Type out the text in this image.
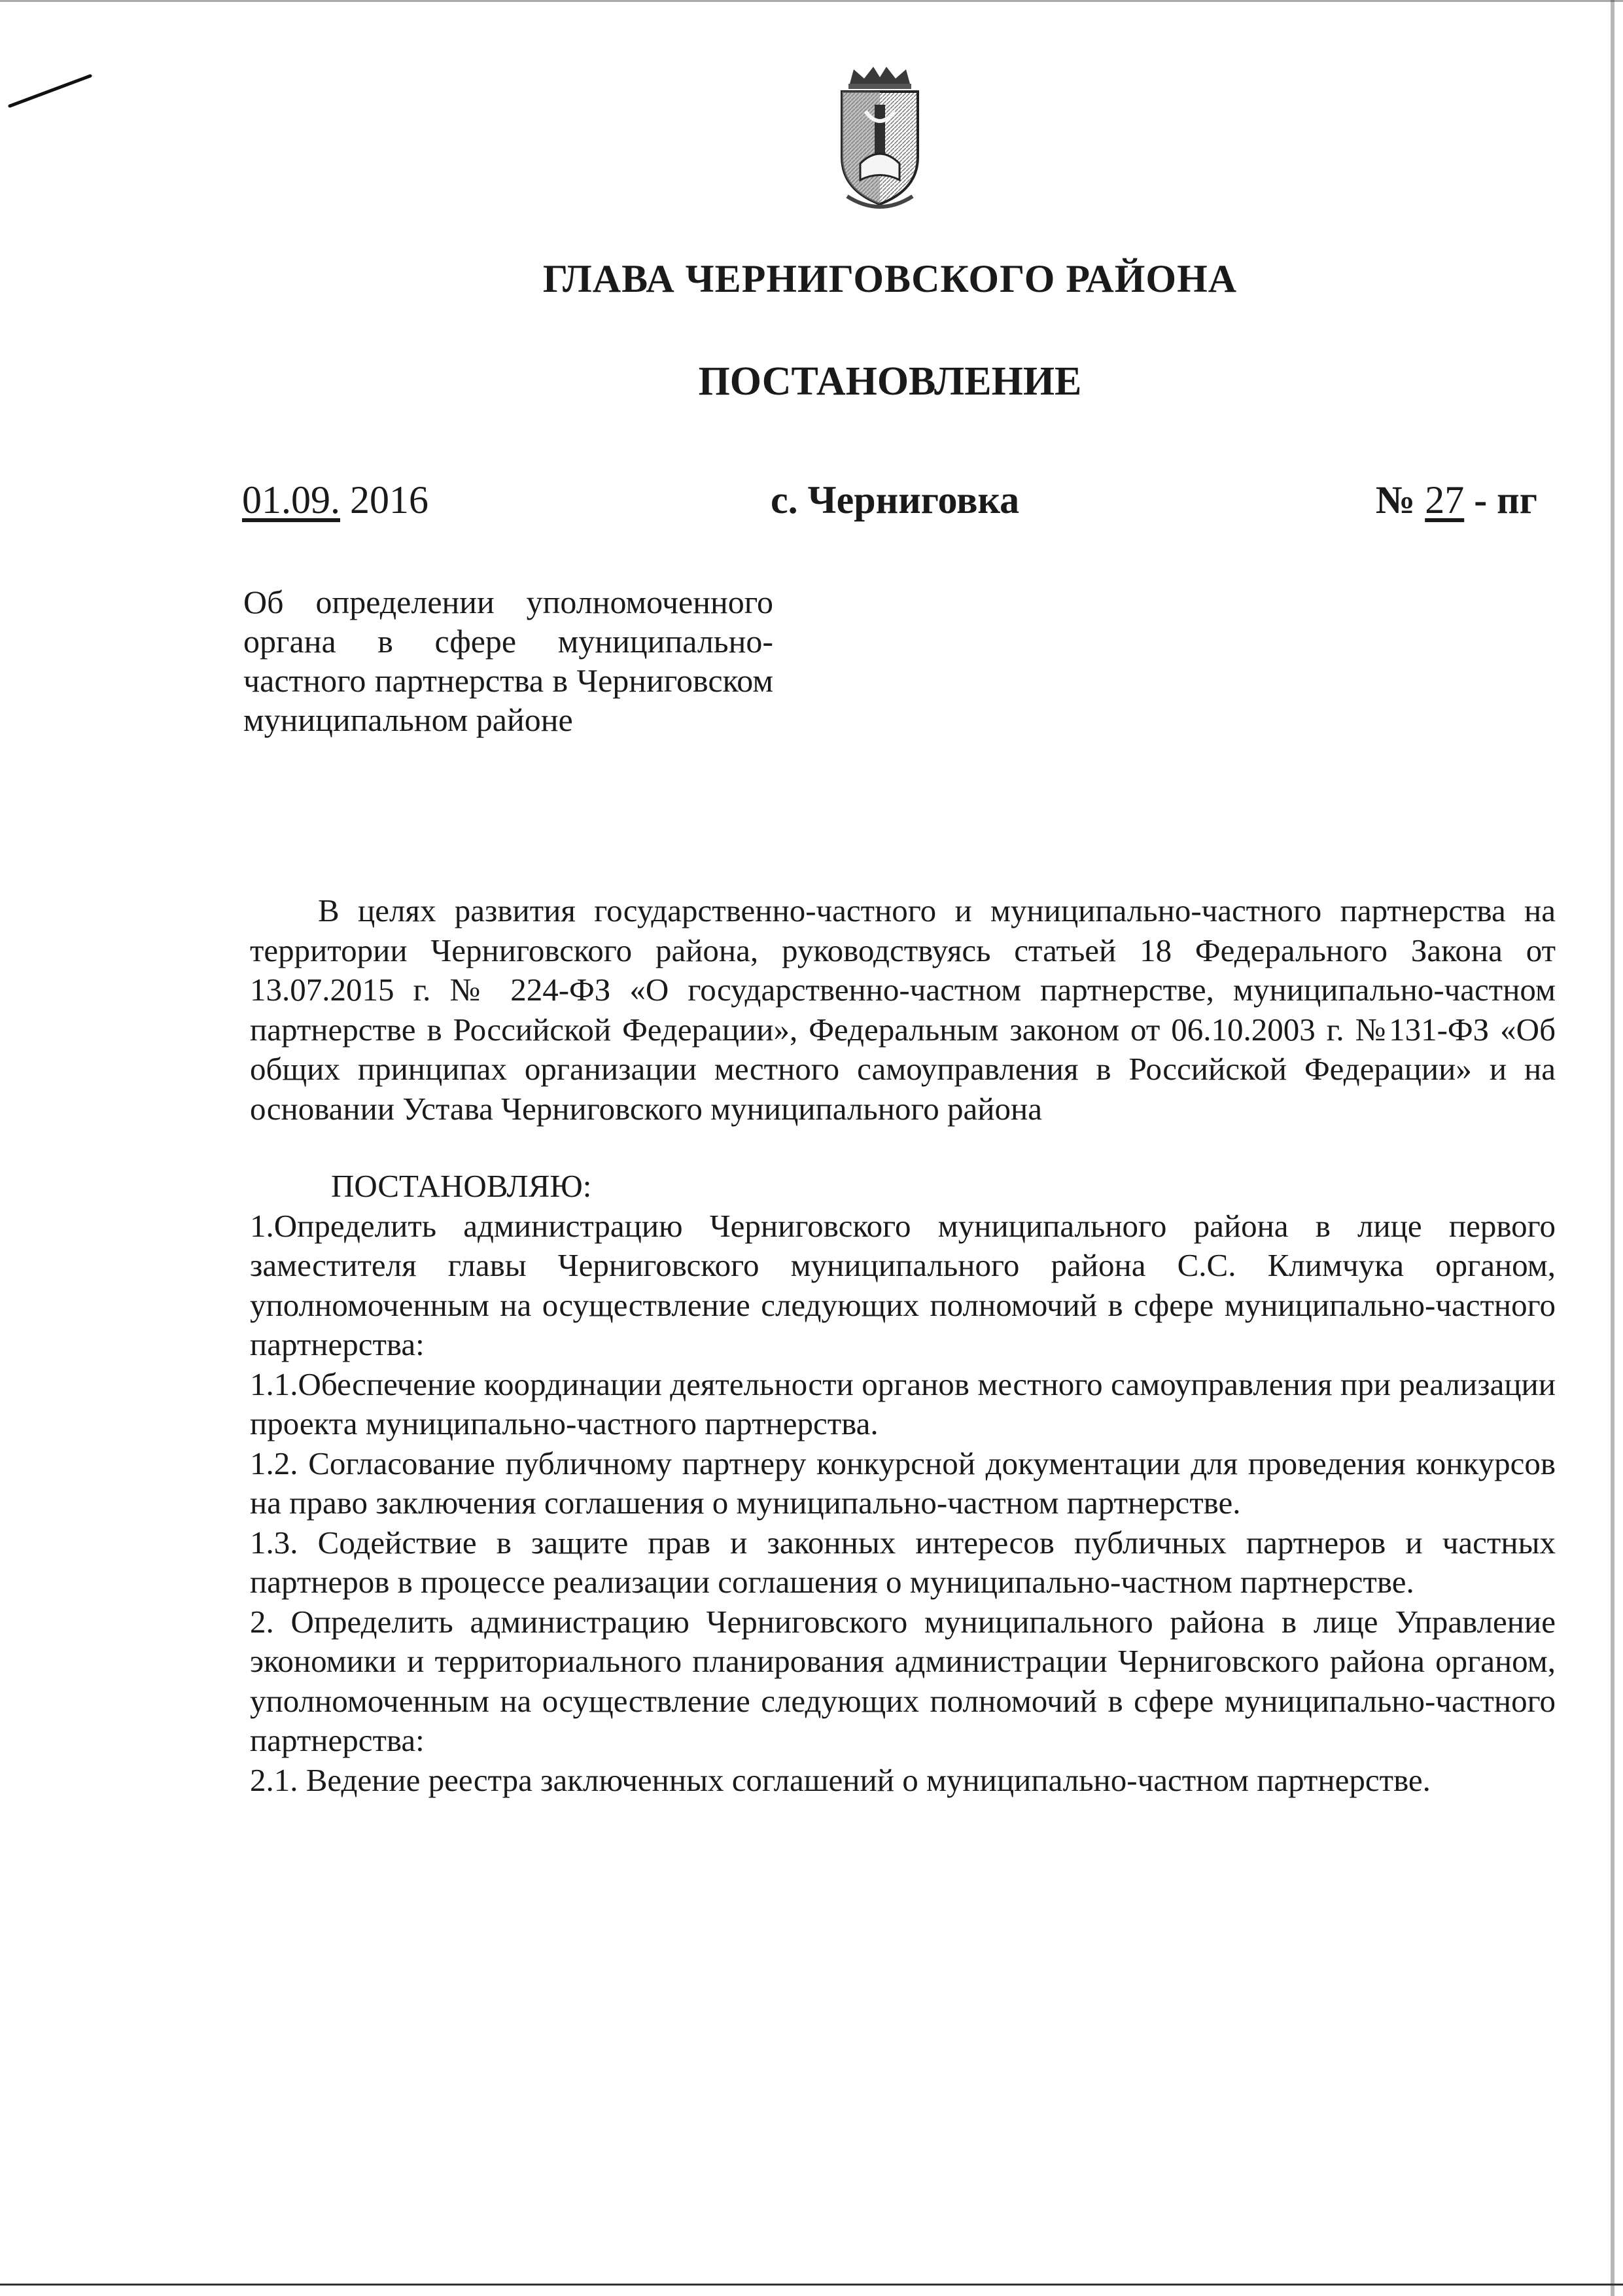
ГЛАВА ЧЕРНИГОВСКОГО РАЙОНА
ПОСТАНОВЛЕНИЕ
01.09. 2016	с. Черниговка	№ 27 - пг
Об определении уполномоченного органа в сфере муниципально-частного партнерства в Черниговском муниципальном районе

В целях развития государственно-частного и муниципально-частного партнерства на территории Черниговского района, руководствуясь статьей 18 Федерального Закона от 13.07.2015 г. № 224-ФЗ «О государственно-частном партнерстве, муниципально-частном партнерстве в Российской Федерации», Федеральным законом от 06.10.2003 г. №131-ФЗ «Об общих принципах организации местного самоуправления в Российской Федерации» и на основании Устава Черниговского муниципального района

ПОСТАНОВЛЯЮ:

1.Определить администрацию Черниговского муниципального района в лице первого заместителя главы Черниговского муниципального района С.С. Климчука органом, уполномоченным на осуществление следующих полномочий в сфере муниципально-частного партнерства:

1.1.Обеспечение координации деятельности органов местного самоуправления при реализации проекта муниципально-частного партнерства.

1.2. Согласование публичному партнеру конкурсной документации для проведения конкурсов на право заключения соглашения о муниципально-частном партнерстве.

1.3. Содействие в защите прав и законных интересов публичных партнеров и частных партнеров в процессе реализации соглашения о муниципально-частном партнерстве.

2. Определить администрацию Черниговского муниципального района в лице Управление экономики и территориального планирования администрации Черниговского района органом, уполномоченным на осуществление следующих полномочий в сфере муниципально-частного партнерства:

2.1. Ведение реестра заключенных соглашений о муниципально-частном партнерстве.
